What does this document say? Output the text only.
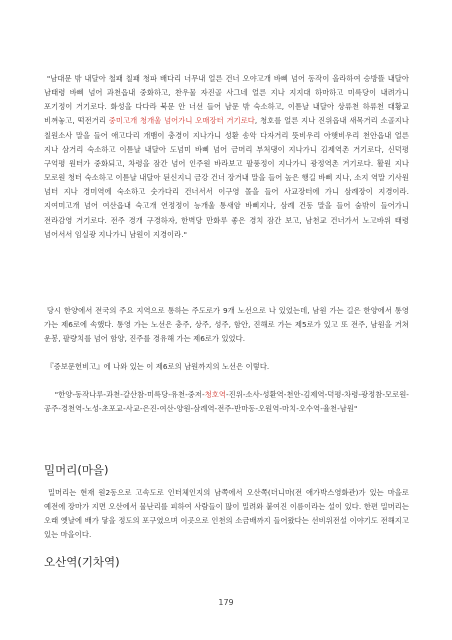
"남대문 밖 내달아 철패 칠패 청파 배다리 너무내 얼른 건너 오야고개 바삐 넘어 동작이 올라하여 승방뜰 내달아 남태령 바삐 넘어 과천읍내 중화하고, 찬우물 자진골 사그네 얼른 지나 지지대 하마하고 미륵당이 내려가니 포기정이 거기로다. 화성을 다다라 북문 안 너선 들어 남문 밖 숙소하고, 이튿날 내달아 상류천 하류천 대황교 비껴놓고, 떡전거리 중미고개 청개울 넘어가니 오매장터 거기로다, 청호를 얼른 지나 진위읍내 새목거리 소골지나 칠원소사 말을 들어 애고다리 개뱀이 충경이 지나가니 성환 송악 다자거리 뜻비우리 아햇비우리 천안읍내 얼른 지나 삼거리 숙소하고 이튿날 내달아 도넘미 바삐 넘어 금머리 부처댕이 지나가니 김제역촌 거기로다, 신덕평 구억평 원터가 중화되고, 차령을 잠간 넘어 인주원 바라보고 팔풍정이 지나가니 광정역촌 거기로다. 활원 지나 모로원 청터 숙소하고 이튿날 내달아 된신지니 금강 건너 장거내 말을 들어 높은 행길 바삐 지나, 소지 역말 기사원 넘터 지나 경미역에 숙소하고 숫가다리 건너서서 이구영 몰을 들어 사교장터에 가니 삼례장이 지경이라. 지여미고개 넘어 여산읍내 숙고개 연정정이 능개울 통새암 바삐지나, 삼례 건동 말을 들어 숨밖이 들어가니 전라감영 거기로다. 전주 경개 구경하자, 한벽당 만화루 좋은 경치 잠간 보고, 남천교 건너가서 노고바위 태령 넘어서서 임실광 지나가니 남원이 지경이라."

당시 한양에서 전국의 주요 지역으로 통하는 주도로가 9개 노선으로 나 있었는데, 남원 가는 길은 한양에서 통영 가는 제6로에 속했다. 통영 가는 노선은 충주, 상주, 성주, 함안, 진해로 가는 제5로가 있고 또 전주, 남원을 거쳐 운봉, 팔량치를 넘어 함양, 진주를 경유해 가는 제6로가 있었다.

『증보문헌비고』에 나와 있는 이 제6로의 남원까지의 노선은 이렇다.

"한양-동작나루-과천-갈산참-미륵당-유천-중저-청호역-진위-소사-성환역-천안-김제역-덕평-차령-광정참-모로원-공주-경천역-노성-초포교-사교-은진-여산-양원-삼례역-전주-반마동-오원역-마치-오수역-율천-남원"

밀머리(마을)

밀머리는 현재 원2동으로 고속도로 인터체인지의 남쪽에서 오산쪽(더니마(전 애가박스영화관)가 있는 마을로 예전에 장마가 지면 오산에서 물난리를 피하여 사람들이 많이 밀려와 붙여진 이름이라는 설이 있다. 한편 밀머리는 오래 옛날에 배가 닿을 정도의 포구였으며 이곳으로 인천의 소금배까지 들어왔다는 선비위전설 이야기도 전해지고 있는 마을이다.

오산역(기차역)
179
